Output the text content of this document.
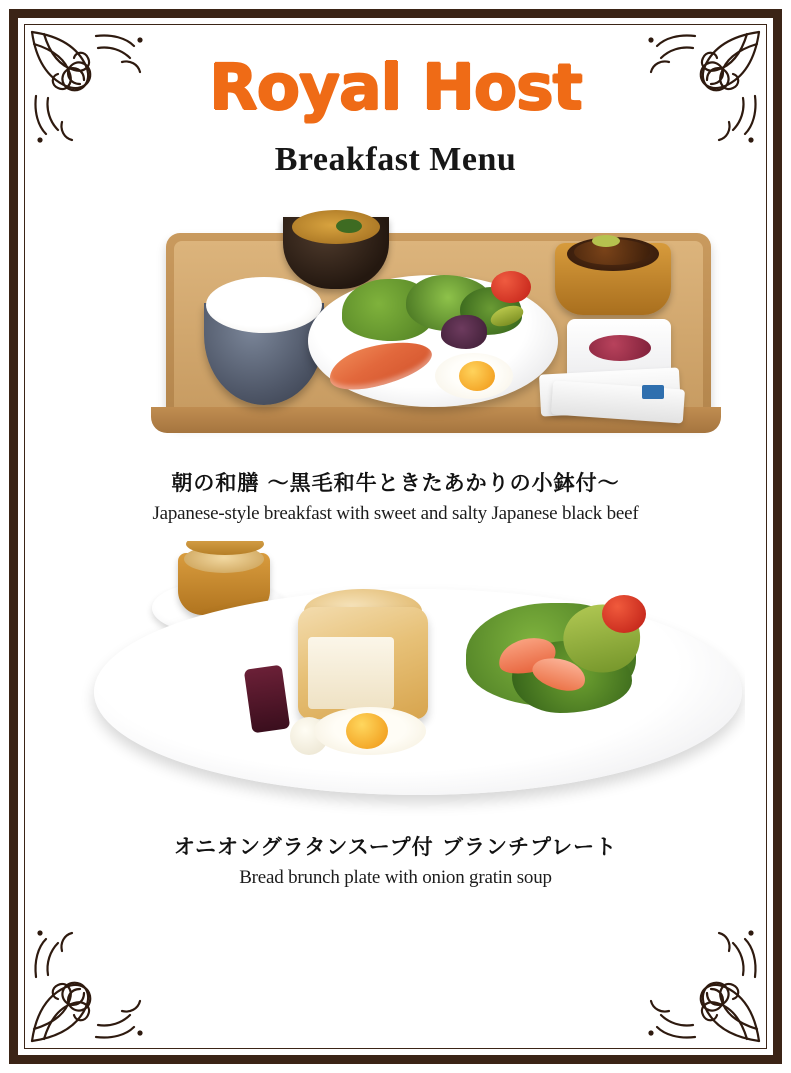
Royal Host
Breakfast Menu
朝の和膳 〜黒毛和牛ときたあかりの小鉢付〜
Japanese-style breakfast with sweet and salty Japanese black beef
オニオングラタンスープ付 ブランチプレート
Bread brunch plate with onion gratin soup
